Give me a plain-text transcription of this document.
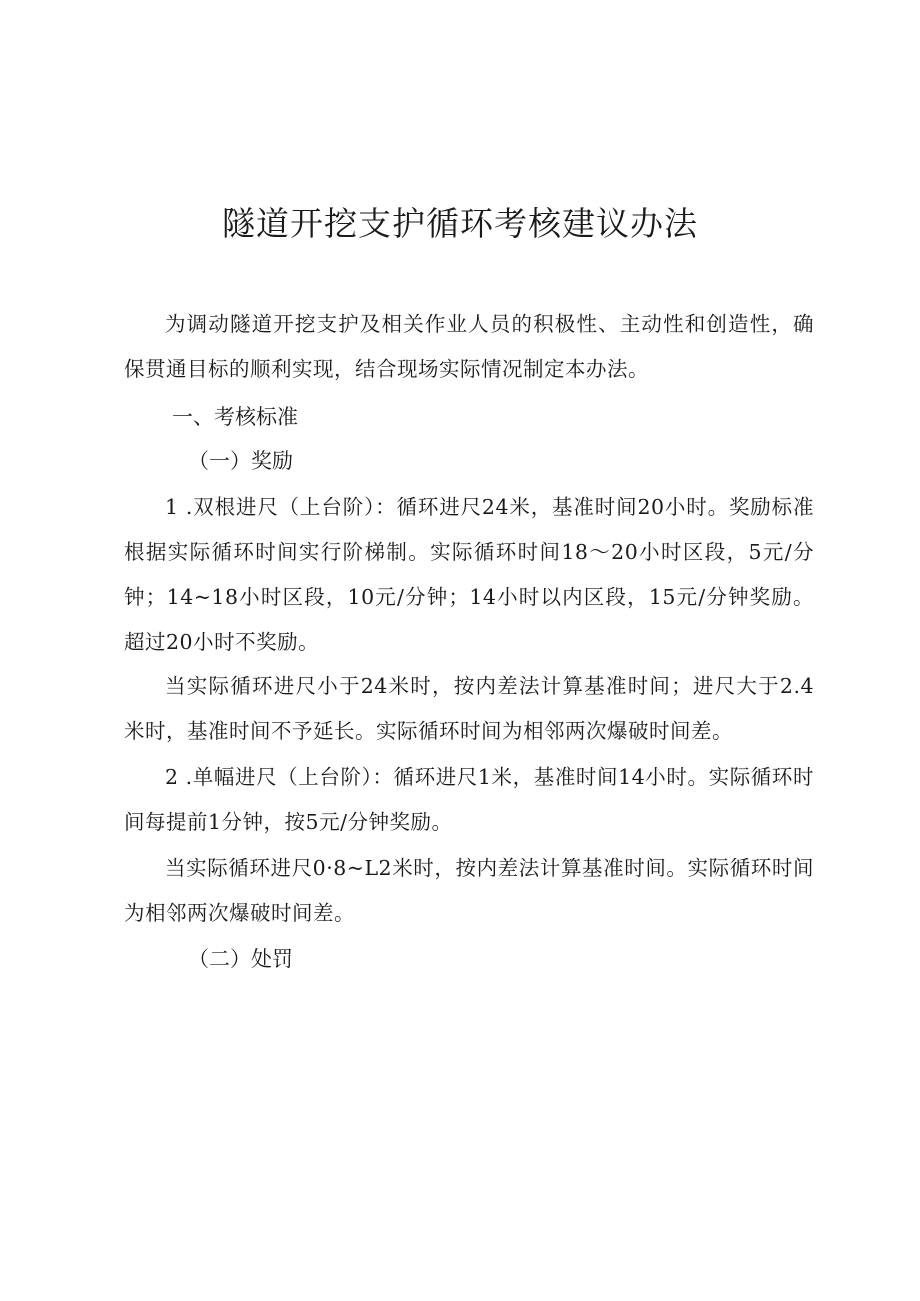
隧道开挖支护循环考核建议办法

为调动隧道开挖支护及相关作业人员的积极性、主动性和创造性，确保贯通目标的顺利实现，结合现场实际情况制定本办法。

一、考核标准
（一）奖励

1 .双根进尺（上台阶）：循环进尺24米，基准时间20小时。奖励标准根据实际循环时间实行阶梯制。实际循环时间18～20小时区段，5元/分钟；14~18小时区段，10元/分钟；14小时以内区段，15元/分钟奖励。超过20小时不奖励。

当实际循环进尺小于24米时，按内差法计算基准时间；进尺大于2.4米时，基准时间不予延长。实际循环时间为相邻两次爆破时间差。

2 .单幅进尺（上台阶）：循环进尺1米，基准时间14小时。实际循环时间每提前1分钟，按5元/分钟奖励。

当实际循环进尺0·8~L2米时，按内差法计算基准时间。实际循环时间为相邻两次爆破时间差。

（二）处罚
